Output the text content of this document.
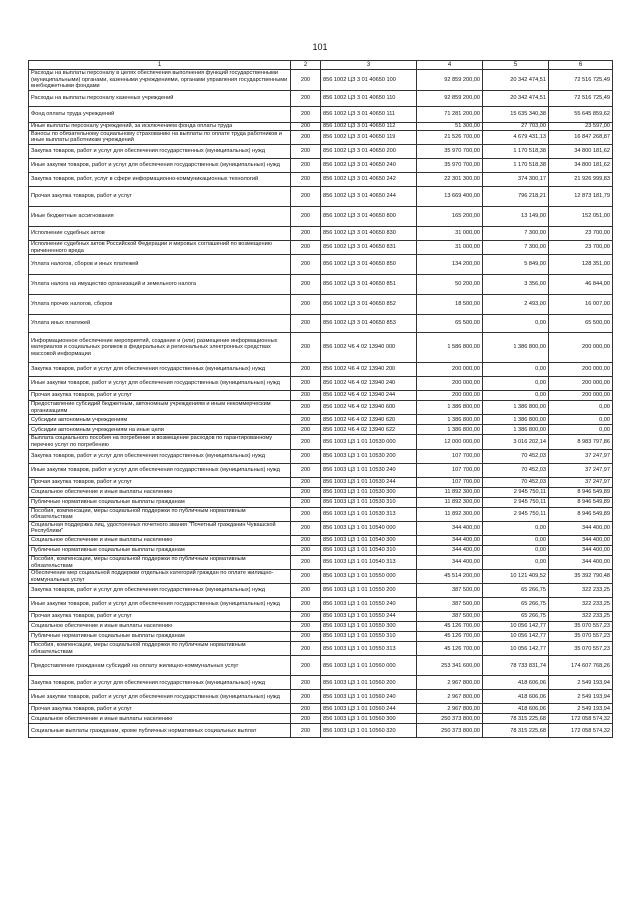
101
1	2	3	4	5	6
Расходы на выплаты персоналу в целях обеспечения выполнения функций государственными (муниципальными) органами, казенными учреждениями, органами управления государственными внебюджетными фондами	200	856 1002 ЦЗ 3 01 40650 100	92 859 200,00	20 342 474,51	72 516 725,49
Расходы на выплаты персоналу казенных учреждений	200	856 1002 ЦЗ 3 01 40650 110	92 859 200,00	20 342 474,51	72 516 725,49
Фонд оплаты труда учреждений	200	856 1002 ЦЗ 3 01 40650 111	71 281 200,00	15 635 340,38	55 645 859,62
Иные выплаты персоналу учреждений, за исключением фонда оплаты труда	200	856 1002 ЦЗ 3 01 40650 112	51 300,00	27 703,00	23 597,00
Взносы по обязательному социальному страхованию на выплаты по оплате труда работников и иные выплаты работникам учреждений	200	856 1002 ЦЗ 3 01 40650 119	21 526 700,00	4 679 431,13	16 847 268,87
Закупка товаров, работ и услуг для обеспечения государственных (муниципальных) нужд	200	856 1002 ЦЗ 3 01 40650 200	35 970 700,00	1 170 518,38	34 800 181,62
Иные закупки товаров, работ и услуг для обеспечения государственных (муниципальных) нужд	200	856 1002 ЦЗ 3 01 40650 240	35 970 700,00	1 170 518,38	34 800 181,62
Закупка товаров, работ, услуг в сфере информационно-коммуникационных технологий	200	856 1002 ЦЗ 3 01 40650 242	22 301 300,00	374 300,17	21 926 999,83
Прочая закупка товаров, работ и услуг	200	856 1002 ЦЗ 3 01 40650 244	13 669 400,00	796 218,21	12 873 181,79
Иные бюджетные ассигнования	200	856 1002 ЦЗ 3 01 40650 800	165 200,00	13 149,00	152 051,00
Исполнение судебных актов	200	856 1002 ЦЗ 3 01 40650 830	31 000,00	7 300,00	23 700,00
Исполнение судебных актов Российской Федерации и мировых соглашений по возмещению причиненного вреда	200	856 1002 ЦЗ 3 01 40650 831	31 000,00	7 300,00	23 700,00
Уплата налогов, сборов и иных платежей	200	856 1002 ЦЗ 3 01 40650 850	134 200,00	5 849,00	128 351,00
Уплата налога на имущество организаций и земельного налога	200	856 1002 ЦЗ 3 01 40650 851	50 200,00	3 356,00	46 844,00
Уплата прочих налогов, сборов	200	856 1002 ЦЗ 3 01 40650 852	18 500,00	2 493,00	16 007,00
Уплата иных платежей	200	856 1002 ЦЗ 3 01 40650 853	65 500,00	0,00	65 500,00
Информационное обеспечение мероприятий, создание и (или) размещение информационных материалов и социальных роликов в федеральных и региональных электронных средствах массовой информации	200	856 1002 Ч6 4 02 13940 000	1 586 800,00	1 386 800,00	200 000,00
Закупка товаров, работ и услуг для обеспечения государственных (муниципальных) нужд	200	856 1002 Ч6 4 02 13940 200	200 000,00	0,00	200 000,00
Иные закупки товаров, работ и услуг для обеспечения государственных (муниципальных) нужд	200	856 1002 Ч6 4 02 13940 240	200 000,00	0,00	200 000,00
Прочая закупка товаров, работ и услуг	200	856 1002 Ч6 4 02 13940 244	200 000,00	0,00	200 000,00
Предоставление субсидий бюджетным, автономным учреждениям и иным некоммерческим организациям	200	856 1002 Ч6 4 02 13940 600	1 386 800,00	1 386 800,00	0,00
Субсидии автономным учреждениям	200	856 1002 Ч6 4 02 13940 620	1 386 800,00	1 386 800,00	0,00
Субсидии автономным учреждениям на иные цели	200	856 1002 Ч6 4 02 13940 622	1 386 800,00	1 386 800,00	0,00
Выплата социального пособия на погребение и возмещение расходов по гарантированному перечню услуг по погребению	200	856 1003 Ц3 1 01 10530 000	12 000 000,00	3 016 202,14	8 983 797,86
Закупка товаров, работ и услуг для обеспечения государственных (муниципальных) нужд	200	856 1003 Ц3 1 01 10530 200	107 700,00	70 452,03	37 247,97
Иные закупки товаров, работ и услуг для обеспечения государственных (муниципальных) нужд	200	856 1003 Ц3 1 01 10530 240	107 700,00	70 452,03	37 247,97
Прочая закупка товаров, работ и услуг	200	856 1003 Ц3 1 01 10530 244	107 700,00	70 452,03	37 247,97
Социальное обеспечение и иные выплаты населению	200	856 1003 Ц3 1 01 10530 300	11 892 300,00	2 945 750,11	8 946 549,89
Публичные нормативные социальные выплаты гражданам	200	856 1003 Ц3 1 01 10530 310	11 892 300,00	2 945 750,11	8 946 549,89
Пособия, компенсации, меры социальной поддержки по публичным нормативным обязательствам	200	856 1003 Ц3 1 01 10530 313	11 892 300,00	2 945 750,11	8 946 549,89
Социальная поддержка лиц, удостоенных почетного звания "Почетный гражданин Чувашской Республики"	200	856 1003 Ц3 1 01 10540 000	344 400,00	0,00	344 400,00
Социальное обеспечение и иные выплаты населению	200	856 1003 Ц3 1 01 10540 300	344 400,00	0,00	344 400,00
Публичные нормативные социальные выплаты гражданам	200	856 1003 Ц3 1 01 10540 310	344 400,00	0,00	344 400,00
Пособия, компенсации, меры социальной поддержки по публичным нормативным обязательствам	200	856 1003 Ц3 1 01 10540 313	344 400,00	0,00	344 400,00
Обеспечение мер социальной поддержки отдельных категорий граждан по оплате жилищно-коммунальных услуг	200	856 1003 Ц3 1 01 10550 000	45 514 200,00	10 121 409,52	35 392 790,48
Закупка товаров, работ и услуг для обеспечения государственных (муниципальных) нужд	200	856 1003 Ц3 1 01 10550 200	387 500,00	65 266,75	322 233,25
Иные закупки товаров, работ и услуг для обеспечения государственных (муниципальных) нужд	200	856 1003 Ц3 1 01 10550 240	387 500,00	65 266,75	322 233,25
Прочая закупка товаров, работ и услуг	200	856 1003 Ц3 1 01 10550 244	387 500,00	65 266,75	322 233,25
Социальное обеспечение и иные выплаты населению	200	856 1003 Ц3 1 01 10550 300	45 126 700,00	10 056 142,77	35 070 557,23
Публичные нормативные социальные выплаты гражданам	200	856 1003 Ц3 1 01 10550 310	45 126 700,00	10 056 142,77	35 070 557,23
Пособия, компенсации, меры социальной поддержки по публичным нормативным обязательствам	200	856 1003 Ц3 1 01 10550 313	45 126 700,00	10 056 142,77	35 070 557,23
Предоставление гражданам субсидий на оплату жилищно-коммунальных услуг	200	856 1003 Ц3 1 01 10560 000	253 341 600,00	78 733 831,74	174 607 768,26
Закупка товаров, работ и услуг для обеспечения государственных (муниципальных) нужд	200	856 1003 Ц3 1 01 10560 200	2 967 800,00	418 606,06	2 549 193,94
Иные закупки товаров, работ и услуг для обеспечения государственных (муниципальных) нужд	200	856 1003 Ц3 1 01 10560 240	2 967 800,00	418 606,06	2 549 193,94
Прочая закупка товаров, работ и услуг	200	856 1003 Ц3 1 01 10560 244	2 967 800,00	418 606,06	2 549 193,94
Социальное обеспечение и иные выплаты населению	200	856 1003 Ц3 1 01 10560 300	250 373 800,00	78 315 225,68	172 058 574,32
Социальные выплаты гражданам, кроме публичных нормативных социальных выплат	200	856 1003 Ц3 1 01 10560 320	250 373 800,00	78 315 225,68	172 058 574,32
